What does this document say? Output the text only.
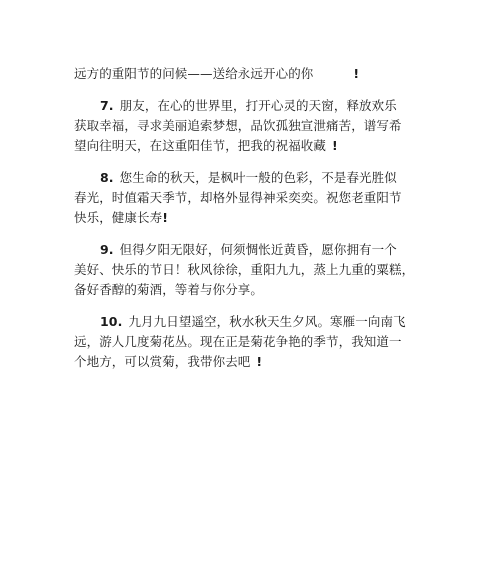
远方的重阳节的问候——送给永远开心的你	!
7. 朋友，在心的世界里，打开心灵的天窗，释放欢乐
获取幸福，寻求美丽追索梦想，品饮孤独宣泄痛苦，谱写希
望向往明天，在这重阳佳节，把我的祝福收藏 !
8. 您生命的秋天，是枫叶一般的色彩，不是春光胜似
春光，时值霜天季节，却格外显得神采奕奕。祝您老重阳节
快乐，健康长寿!
9. 但得夕阳无限好，何须惆怅近黄昏，愿你拥有一个
美好、快乐的节日！秋风徐徐，重阳九九，蒸上九重的粟糕，
备好香醇的菊酒，等着与你分享。
10. 九月九日望遥空，秋水秋天生夕风。寒雁一向南飞
远，游人几度菊花丛。现在正是菊花争艳的季节，我知道一
个地方，可以赏菊，我带你去吧 !
